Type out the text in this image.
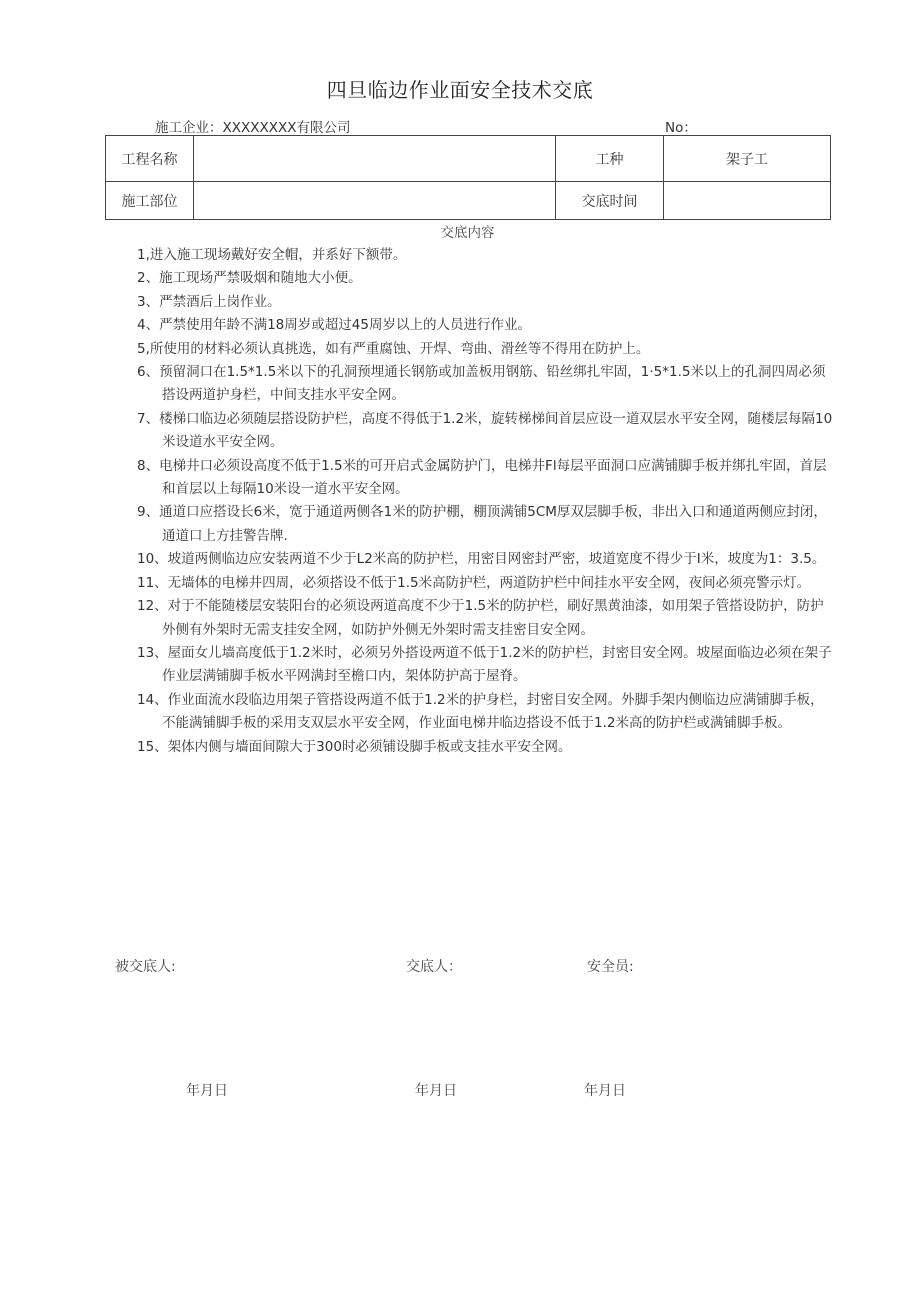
四旦临边作业面安全技术交底
施工企业：XXXXXXXX有限公司	No：
工程名称		工种	架子工
施工部位		交底时间	
交底内容

1,进入施工现场戴好安全帽，并系好下额带。

2、施工现场严禁吸烟和随地大小便。

3、严禁酒后上岗作业。

4、严禁使用年龄不满18周岁或超过45周岁以上的人员进行作业。

5,所使用的材料必须认真挑选，如有严重腐蚀、开焊、弯曲、滑丝等不得用在防护上。

6、预留洞口在1.5*1.5米以下的孔洞预埋通长钢筋或加盖板用钢筋、铅丝绑扎牢固，1·5*1.5米以上的孔洞四周必须搭设两道护身栏，中间支挂水平安全网。

7、楼梯口临边必须随层搭设防护栏，高度不得低于1.2米，旋转梯梯间首层应设一道双层水平安全网，随楼层每隔10米设道水平安全网。

8、电梯井口必须设高度不低于1.5米的可开启式金属防护门，电梯井Fl每层平面洞口应满铺脚手板并绑扎牢固，首层和首层以上每隔10米设一道水平安全网。

9、通道口应搭设长6米，宽于通道两侧各1米的防护棚，棚顶满铺5CM厚双层脚手板，非出入口和通道两侧应封闭，通道口上方挂警告牌.

10、坡道两侧临边应安装两道不少于L2米高的防护栏，用密目网密封严密，坡道宽度不得少于I米，坡度为1：3.5。

11、无墙体的电梯井四周，必须搭设不低于1.5米高防护栏，两道防护栏中间挂水平安全网，夜间必须亮警示灯。

12、对于不能随楼层安装阳台的必须设两道高度不少于1.5米的防护栏，刷好黑黄油漆，如用架子管搭设防护，防护外侧有外架时无需支挂安全网，如防护外侧无外架时需支挂密目安全网。

13、屋面女儿墙高度低于1.2米时，必须另外搭设两道不低于1.2米的防护栏，封密目安全网。坡屋面临边必须在架子作业层满铺脚手板水平网满封至檐口内，架体防护高于屋脊。

14、作业面流水段临边用架子管搭设两道不低于1.2米的护身栏，封密目安全网。外脚手架内侧临边应满铺脚手板，不能满铺脚手板的采用支双层水平安全网，作业面电梯井临边搭设不低于1.2米高的防护栏或满铺脚手板。

15、架体内侧与墙面间隙大于300时必须铺设脚手板或支挂水平安全网。

被交底人:	交底人：	安全员:
年月日	年月日	年月日
